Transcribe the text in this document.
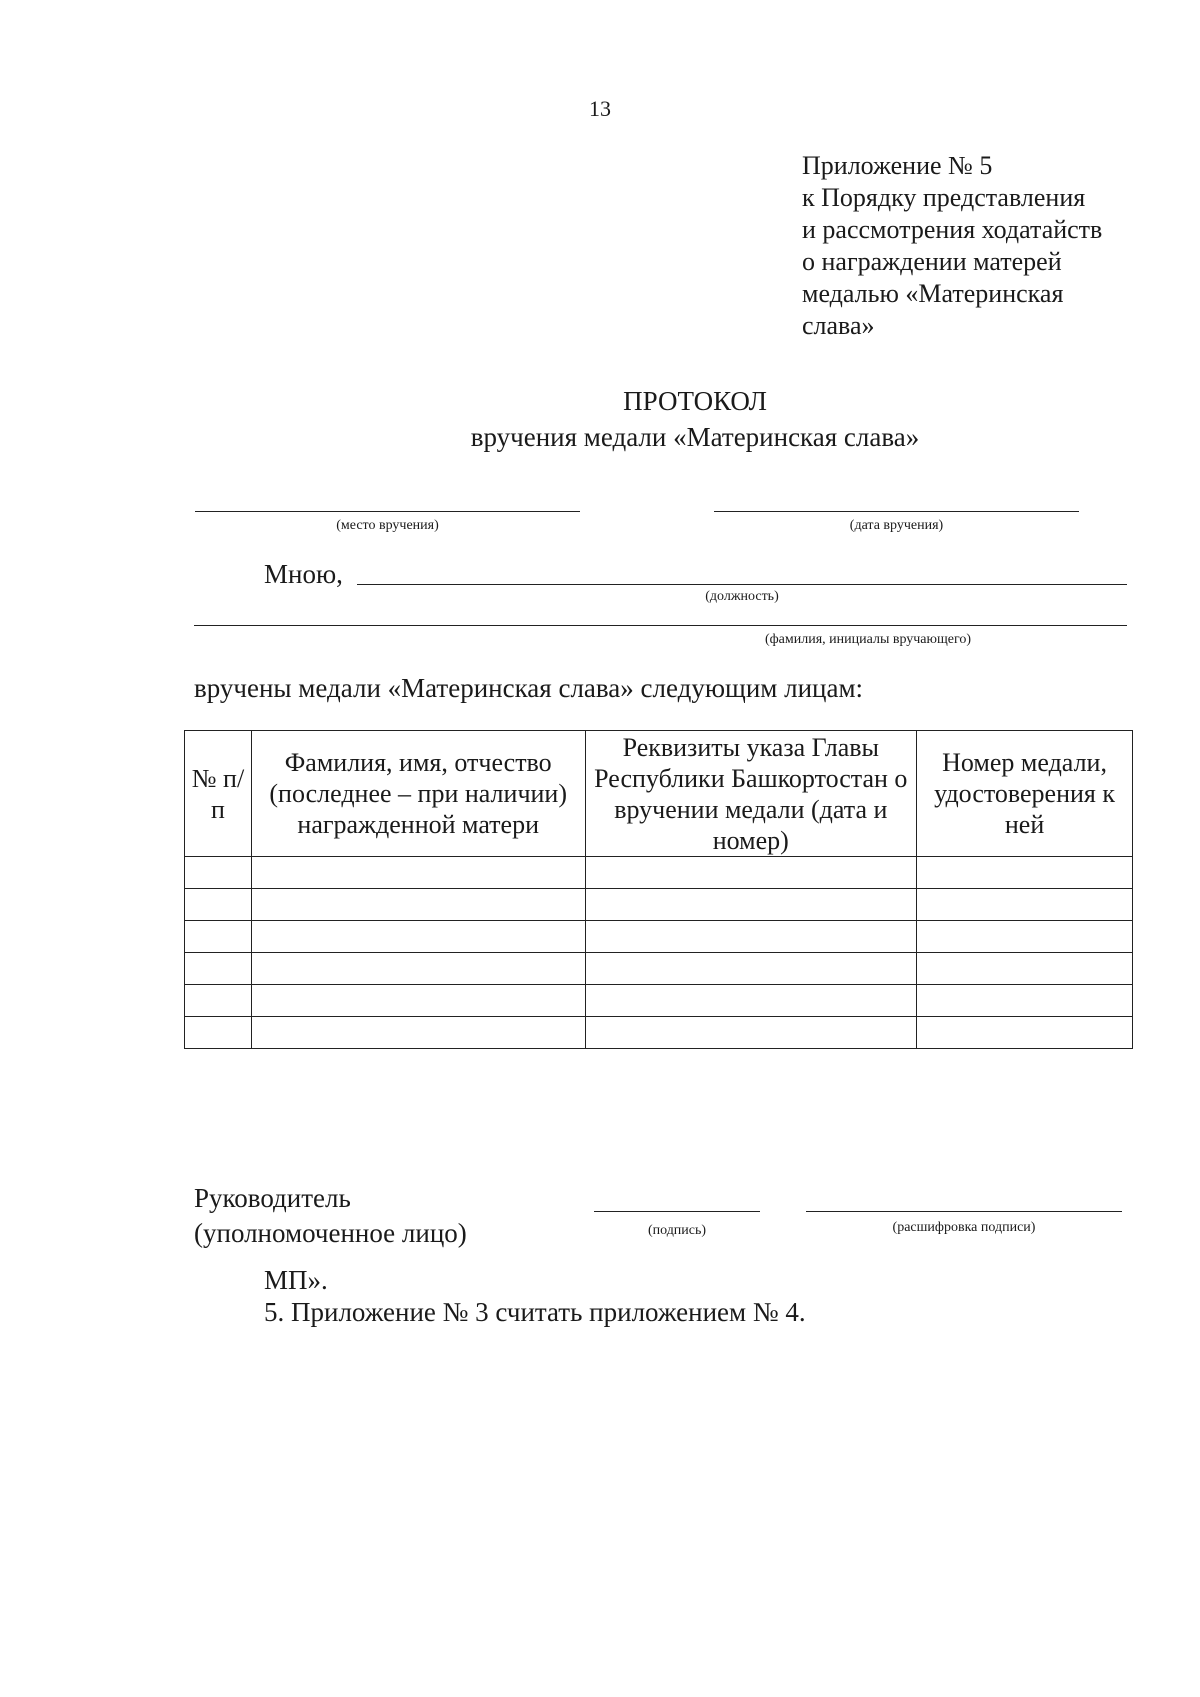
13
Приложение № 5
к Порядку представления
и рассмотрения ходатайств
о награждении матерей
медалью «Материнская
слава»
ПРОТОКОЛ
вручения медали «Материнская слава»
(место вручения)	(дата вручения)
Мною,
(должность)
(фамилия, инициалы вручающего)
вручены медали «Материнская слава» следующим лицам:
№ п/п	Фамилия, имя, отчество (последнее – при наличии) награжденной матери	Реквизиты указа Главы Республики Башкортостан о вручении медали (дата и номер)	Номер медали, удостоверения к ней

Руководитель
(уполномоченное лицо)	(подпись)	(расшифровка подписи)
МП».
5. Приложение № 3 считать приложением № 4.
